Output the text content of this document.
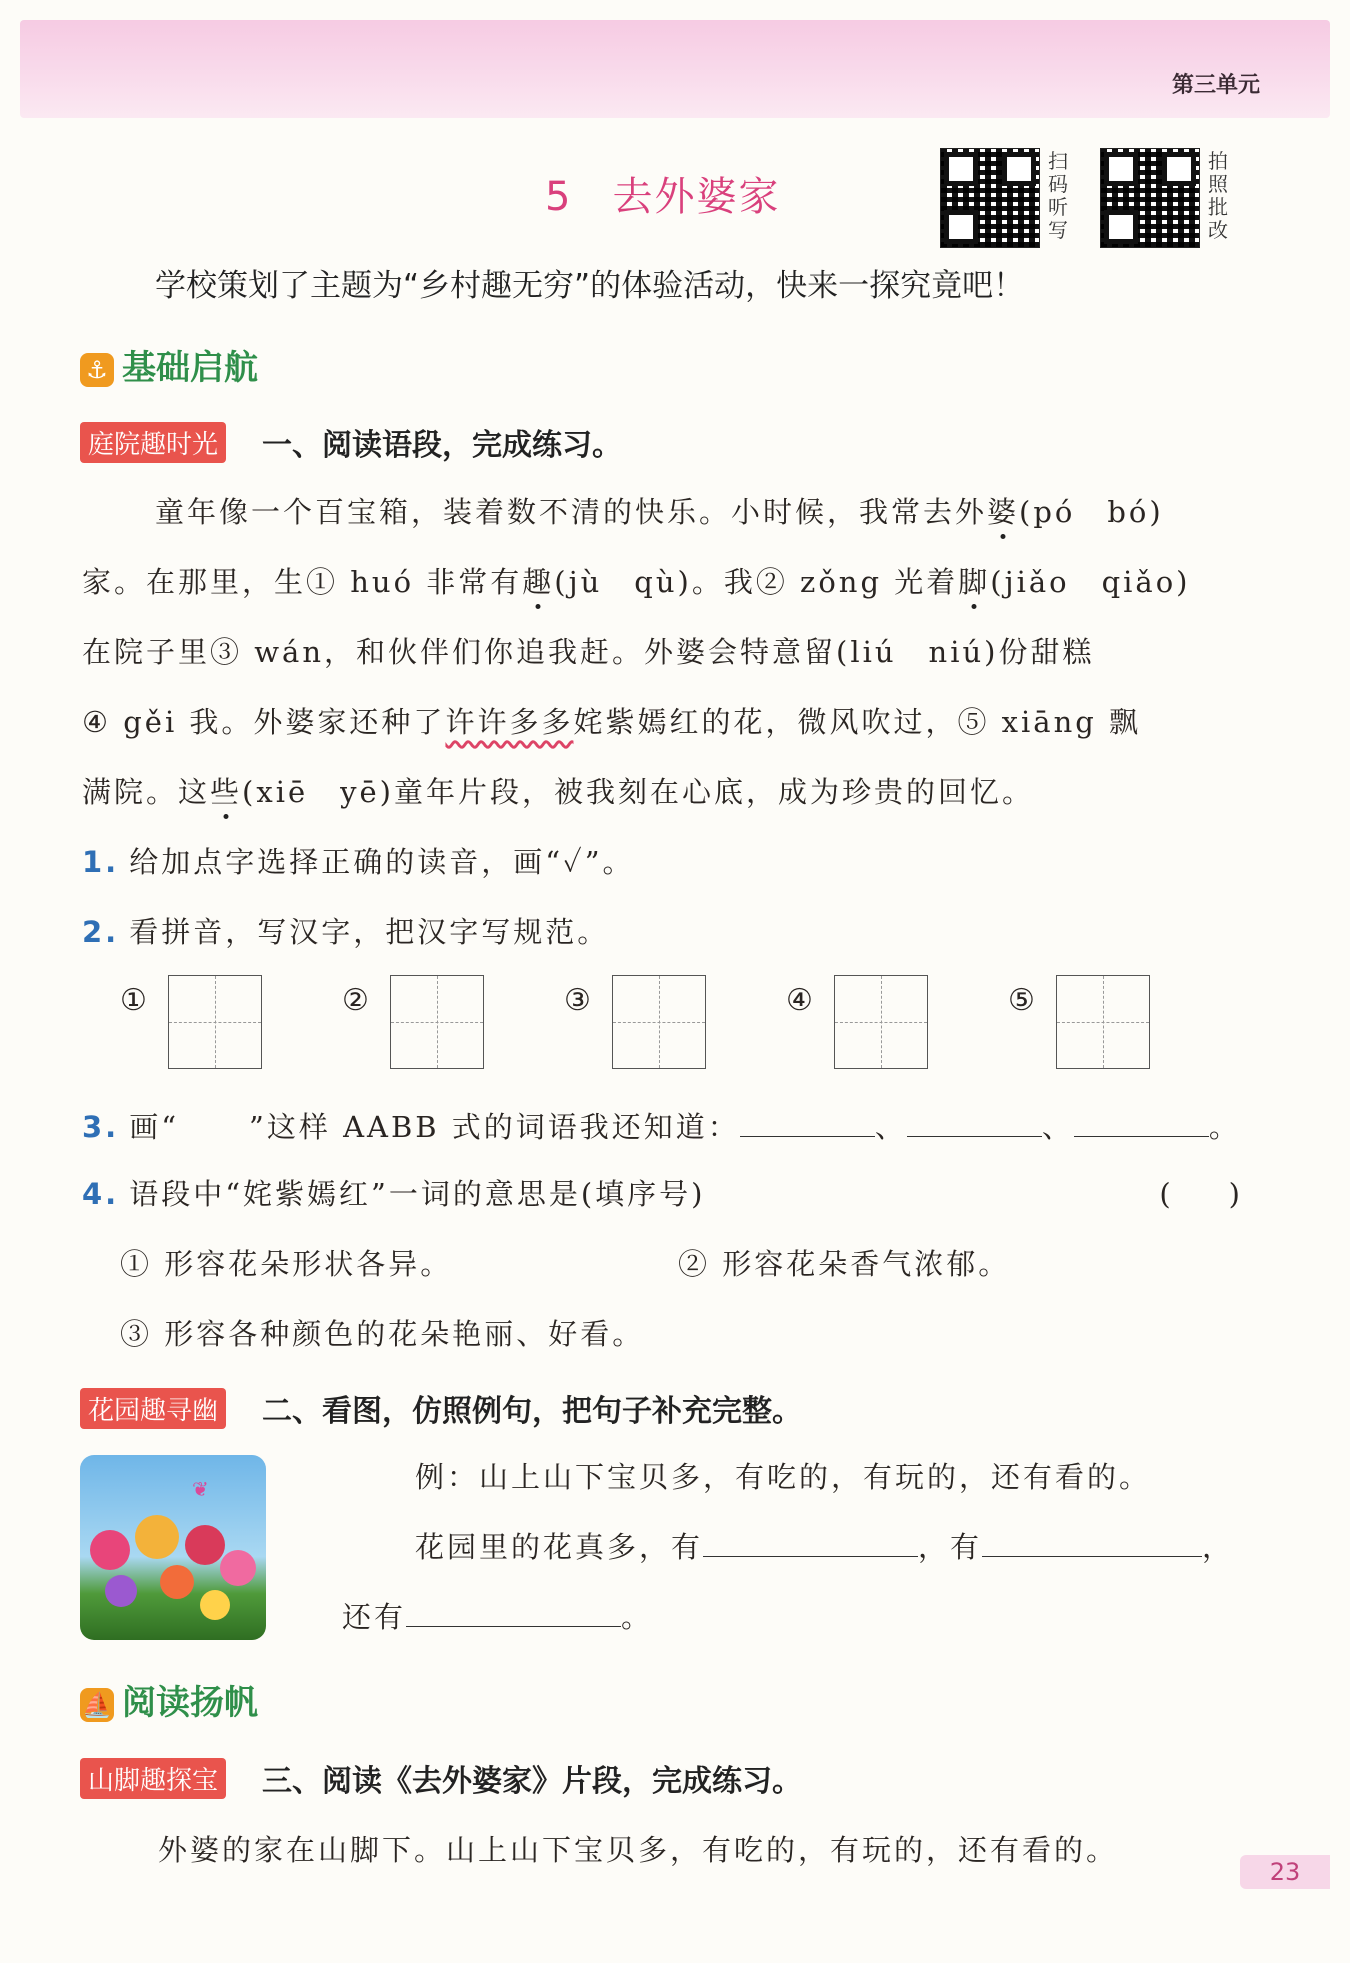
第三单元
5 去外婆家
扫码听写
拍照批改
学校策划了主题为“乡村趣无穷”的体验活动，快来一探究竟吧！
⚓ 基础启航
庭院趣时光 一、阅读语段，完成练习。
童年像一个百宝箱，装着数不清的快乐。小时候，我常去外婆(pó　bó)
家。在那里，生① huó 非常有趣(jù　qù)。我② zǒng 光着脚(jiǎo　qiǎo)
在院子里③ wán，和伙伴们你追我赶。外婆会特意留(liú　niú)份甜糕
④ gěi 我。外婆家还种了许许多多姹紫嫣红的花，微风吹过，⑤ xiāng 飘
满院。这些(xiē　yē)童年片段，被我刻在心底，成为珍贵的回忆。
1. 给加点字选择正确的读音，画“✓”。
2. 看拼音，写汉字，把汉字写规范。
①	②	③	④	⑤
3. 画“ ”这样 AABB 式的词语我还知道：	、	、	。
4. 语段中“姹紫嫣红”一词的意思是(填序号)	(　　)
① 形容花朵形状各异。	② 形容花朵香气浓郁。
③ 形容各种颜色的花朵艳丽、好看。
花园趣寻幽 二、看图，仿照例句，把句子补充完整。
❦	例：山上山下宝贝多，有吃的，有玩的，还有看的。
花园里的花真多，有	，有	，
还有	。
⛵ 阅读扬帆
山脚趣探宝 三、阅读《去外婆家》片段，完成练习。
外婆的家在山脚下。山上山下宝贝多，有吃的，有玩的，还有看的。
23
